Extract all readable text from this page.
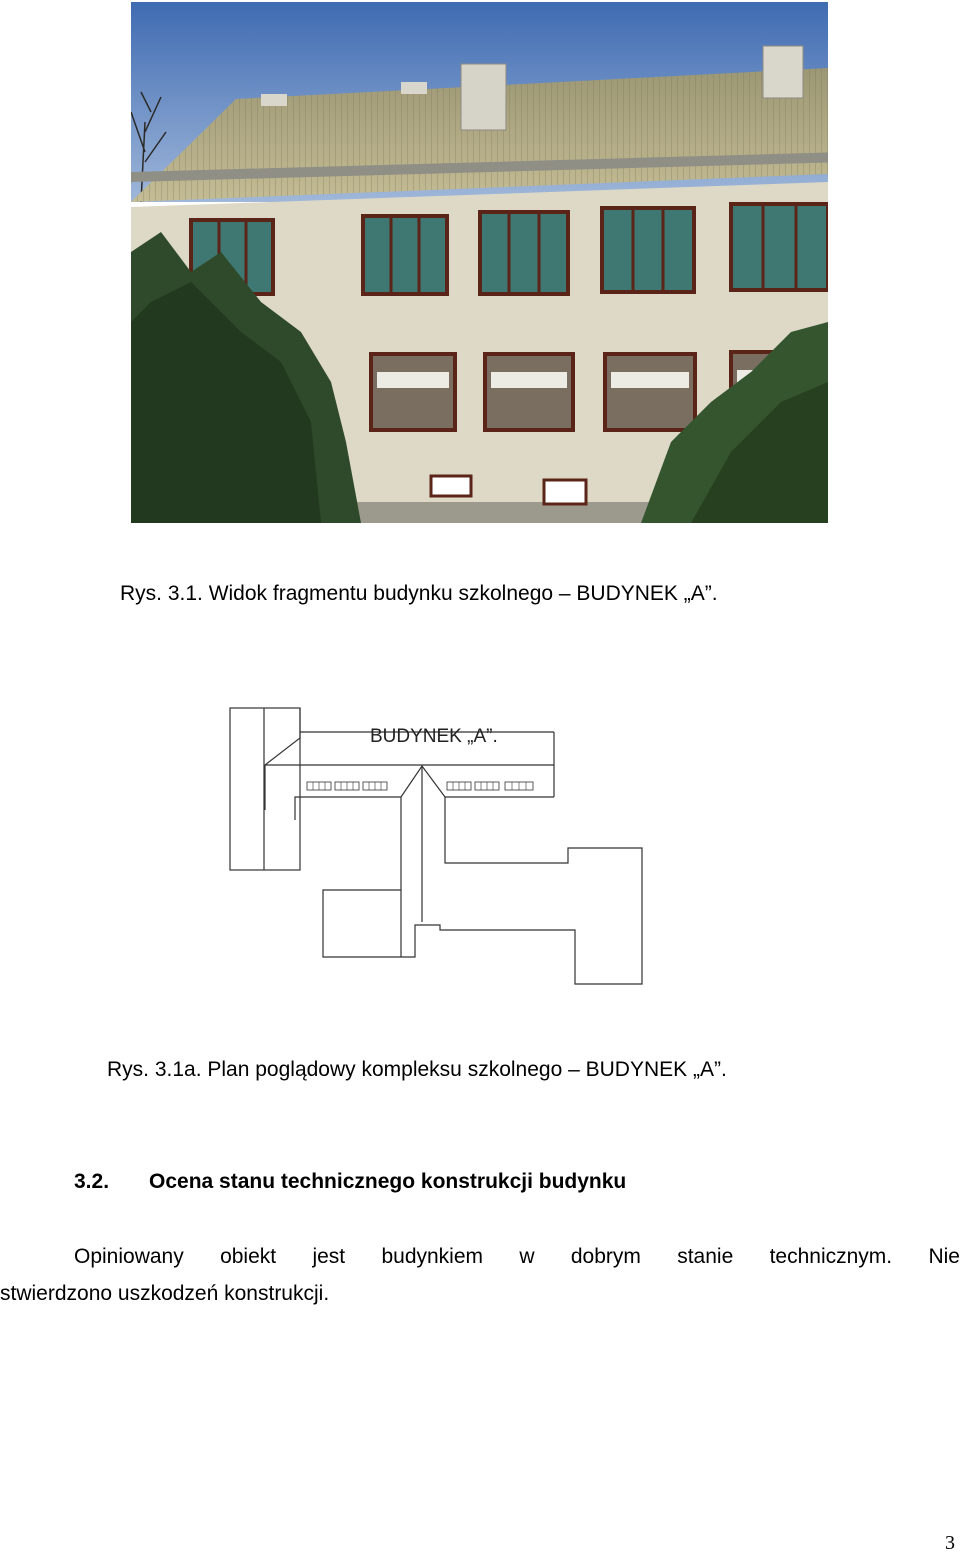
Rys. 3.1. Widok fragmentu budynku szkolnego – BUDYNEK „A”.
BUDYNEK „A”.
Rys. 3.1a. Plan poglądowy kompleksu szkolnego – BUDYNEK „A”.
3.2. Ocena stanu technicznego konstrukcji budynku
Opiniowany obiekt jest budynkiem w dobrym stanie technicznym. Nie
stwierdzono uszkodzeń konstrukcji.
3
